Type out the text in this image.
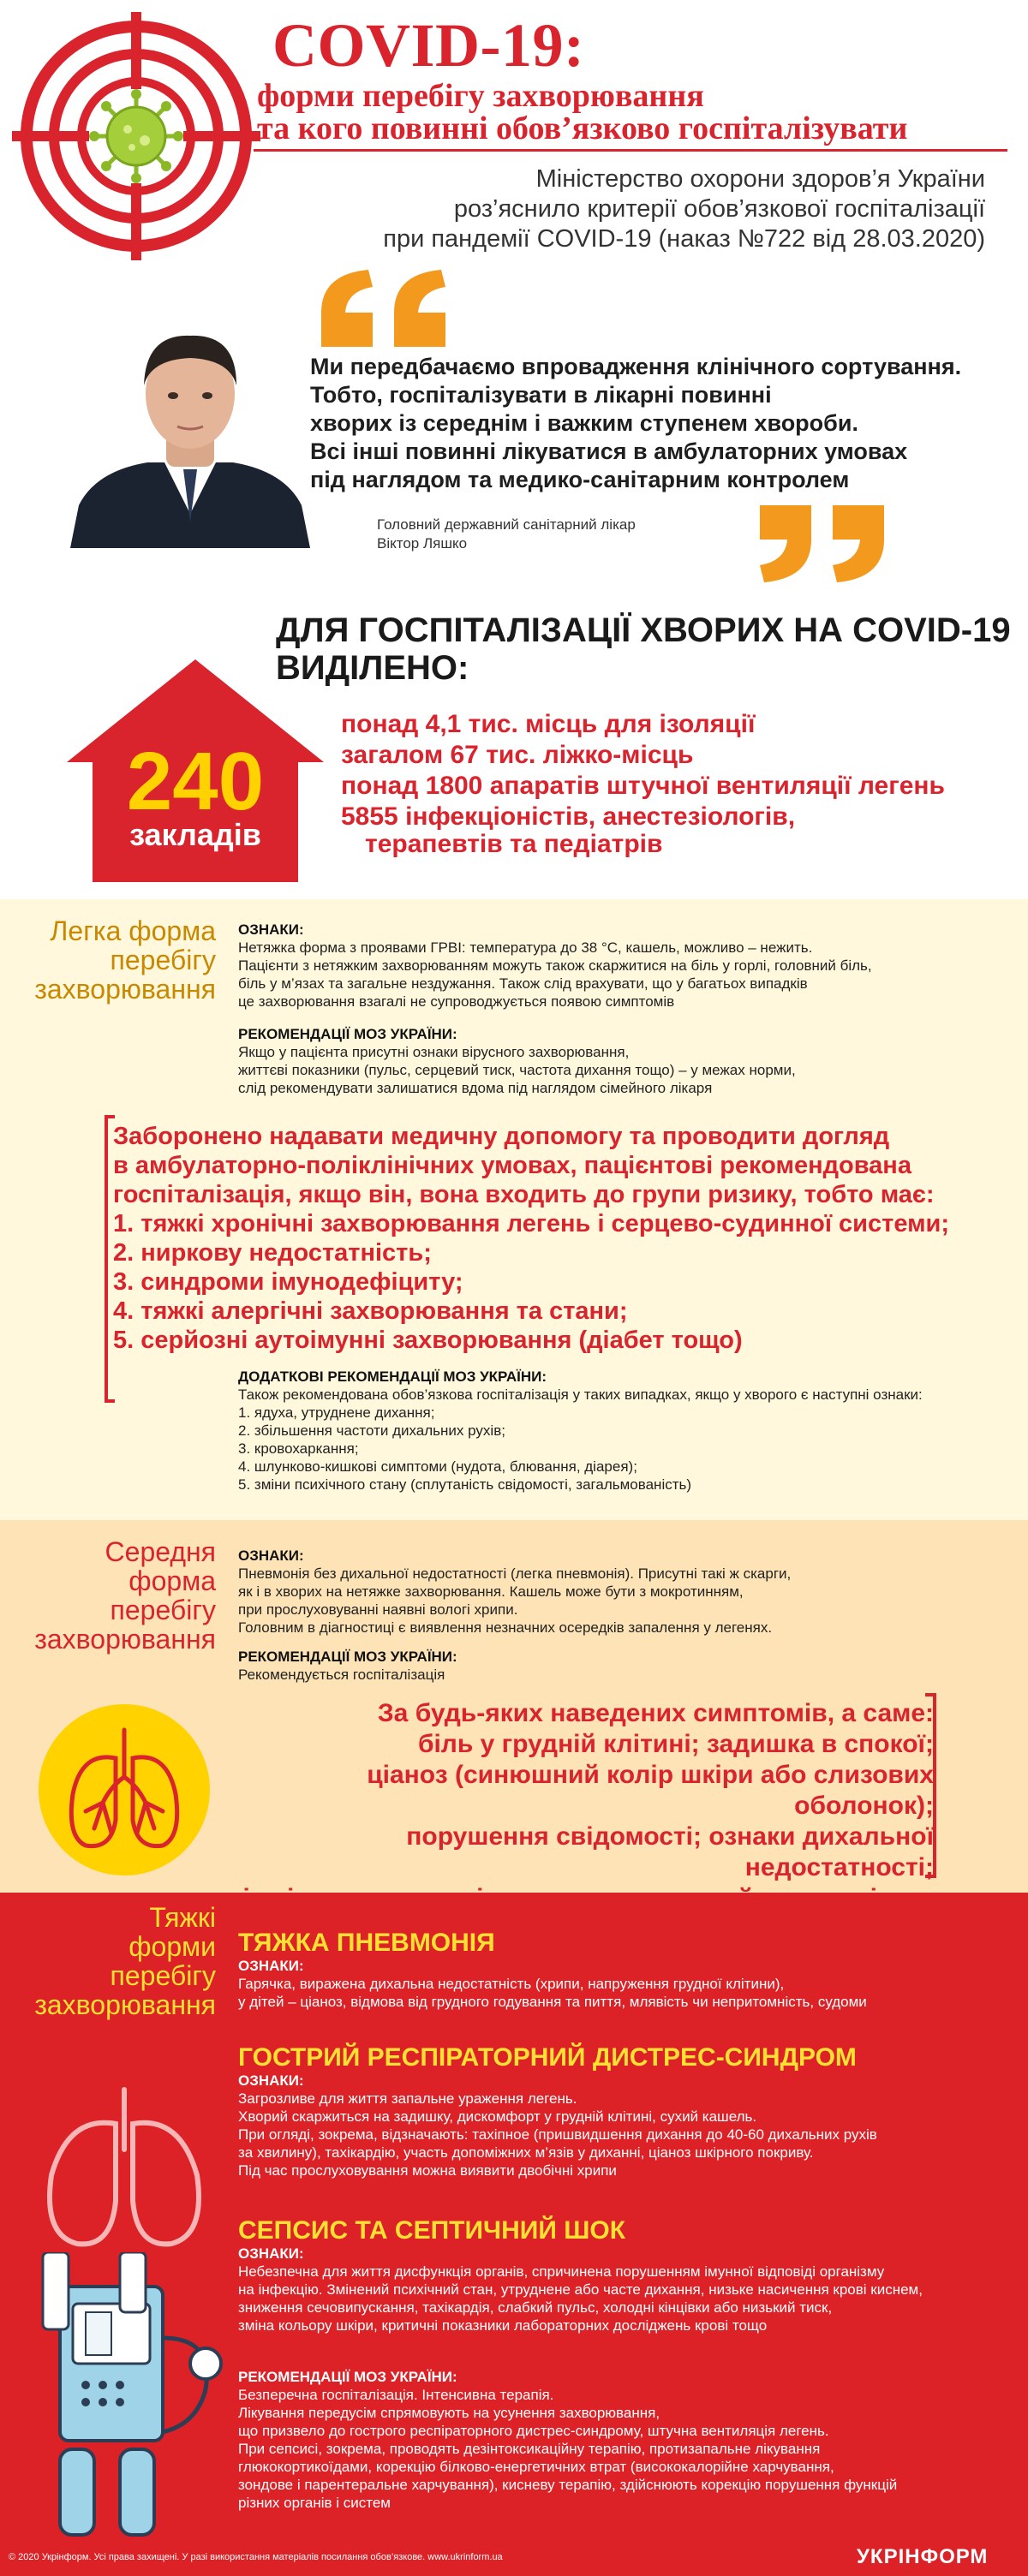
COVID-19:
форми перебігу захворювання
та кого повинні обов’язково госпіталізувати
Міністерство охорони здоров’я України
роз’яснило критерії обов’язкової госпіталізації
при пандемії COVID-19 (наказ №722 від 28.03.2020)
Ми передбачаємо впровадження клінічного сортування.
Тобто, госпіталізувати в лікарні повинні
хворих із середнім і важким ступенем хвороби.
Всі інші повинні лікуватися в амбулаторних умовах
під наглядом та медико-санітарним контролем
Головний державний санітарний лікар
Віктор Ляшко
240
закладів
ДЛЯ ГОСПІТАЛІЗАЦІЇ ХВОРИХ НА COVID-19
ВИДІЛЕНО:
понад 4,1 тис. місць для ізоляції
загалом 67 тис. ліжко-місць
понад 1800 апаратів штучної вентиляції легень
5855 інфекціоністів, анестезіологів,
терапевтів та педіатрів
Легка форма
перебігу
захворювання
ОЗНАКИ:
Нетяжка форма з проявами ГРВІ: температура до 38 °С, кашель, можливо – нежить.
Пацієнти з нетяжким захворюванням можуть також скаржитися на біль у горлі, головний біль,
біль у м’язах та загальне нездужання. Також слід врахувати, що у багатьох випадків
це захворювання взагалі не супроводжується появою симптомів
РЕКОМЕНДАЦІЇ МОЗ УКРАЇНИ:
Якщо у пацієнта присутні ознаки вірусного захворювання,
життєві показники (пульс, серцевий тиск, частота дихання тощо) – у межах норми,
слід рекомендувати залишатися вдома під наглядом сімейного лікаря
Заборонено надавати медичну допомогу та проводити догляд
в амбулаторно-поліклінічних умовах, пацієнтові рекомендована
госпіталізація, якщо він, вона входить до групи ризику, тобто має:
1. тяжкі хронічні захворювання легень і серцево-судинної системи;
2. ниркову недостатність;
3. синдроми імунодефіциту;
4. тяжкі алергічні захворювання та стани;
5. серйозні аутоімунні захворювання (діабет тощо)
ДОДАТКОВІ РЕКОМЕНДАЦІЇ МОЗ УКРАЇНИ:
Також рекомендована обов’язкова госпіталізація у таких випадках, якщо у хворого є наступні ознаки:
1. ядуха, утруднене дихання;
2. збільшення частоти дихальних рухів;
3. кровохаркання;
4. шлунково-кишкові симптоми (нудота, блювання, діарея);
5. зміни психічного стану (сплутаність свідомості, загальмованість)
Середня
форма
перебігу
захворювання
ОЗНАКИ:
Пневмонія без дихальної недостатності (легка пневмонія). Присутні такі ж скарги,
як і в хворих на нетяжке захворювання. Кашель може бути з мокротинням,
при прослуховуванні наявні вологі хрипи.
Головним в діагностиці є виявлення незначних осередків запалення у легенях.
РЕКОМЕНДАЦІЇ МОЗ УКРАЇНИ:
Рекомендується госпіталізація
За будь-яких наведених симптомів, а саме:
біль у грудній клітині; задишка в спокої;
ціаноз (синюшний колір шкіри або слизових оболонок);
порушення свідомості; ознаки дихальної недостатності;
Тяжкі
форми
перебігу
захворювання
ТЯЖКА ПНЕВМОНІЯ
ОЗНАКИ:
Гарячка, виражена дихальна недостатність (хрипи, напруження грудної клітини),
у дітей – ціаноз, відмова від грудного годування та пиття, млявість чи непритомність, судоми
ГОСТРИЙ РЕСПІРАТОРНИЙ ДИСТРЕС-СИНДРОМ
ОЗНАКИ:
Загрозливе для життя запальне ураження легень.
Хворий скаржиться на задишку, дискомфорт у грудній клітині, сухий кашель.
При огляді, зокрема, відзначають: тахіпное (пришвидшення дихання до 40-60 дихальних рухів
за хвилину), тахікардію, участь допоміжних м’язів у диханні, ціаноз шкірного покриву.
Під час прослуховування можна виявити двобічні хрипи
СЕПСИС ТА СЕПТИЧНИЙ ШОК
ОЗНАКИ:
Небезпечна для життя дисфункція органів, спричинена порушенням імунної відповіді організму
на інфекцію. Змінений психічний стан, утруднене або часте дихання, низьке насичення крові киснем,
зниження сечовипускання, тахікардія, слабкий пульс, холодні кінцівки або низький тиск,
зміна кольору шкіри, критичні показники лабораторних досліджень крові тощо
РЕКОМЕНДАЦІЇ МОЗ УКРАЇНИ:
Безперечна госпіталізація. Інтенсивна терапія.
Лікування передусім спрямовують на усунення захворювання,
що призвело до гострого респіраторного дистрес-синдрому, штучна вентиляція легень.
При сепсисі, зокрема, проводять дезінтоксикаційну терапію, протизапальне лікування
глюкокортикоїдами, корекцію білково-енергетичних втрат (висококалорійне харчування,
зондове і парентеральне харчування), кисневу терапію, здійснюють корекцію порушення функцій
різних органів і систем
© 2020 Укрінформ. Усі права захищені. У разі використання матеріалів посилання обов’язкове. www.ukrinform.ua	УКРІНФОРМ
